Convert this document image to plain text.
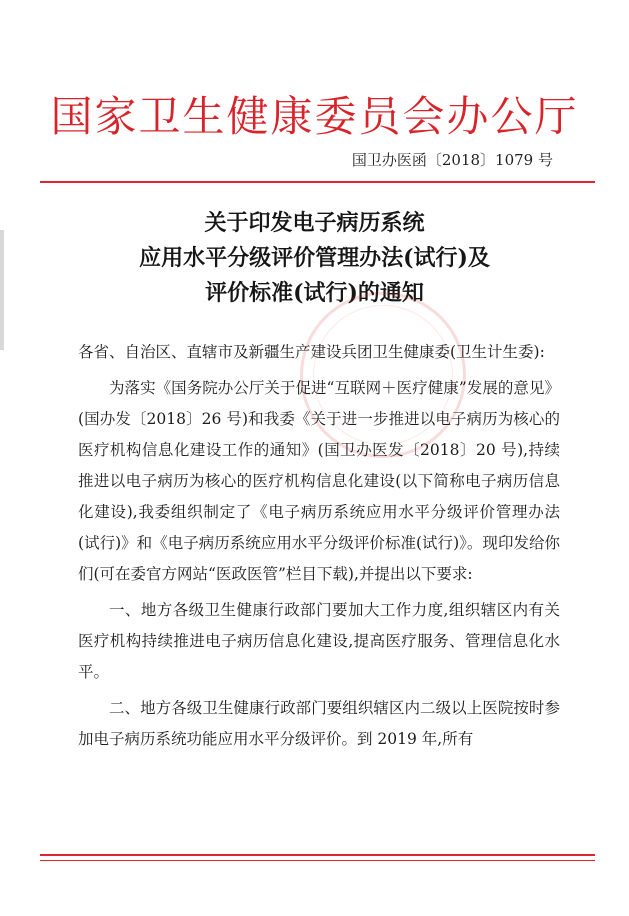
国家卫生健康委员会办公厅
国卫办医函〔2018〕1079 号
关于印发电子病历系统
应用水平分级评价管理办法(试行)及
评价标准(试行)的通知

各省、自治区、直辖市及新疆生产建设兵团卫生健康委(卫生计生委):

为落实《国务院办公厅关于促进“互联网＋医疗健康”发展的意见》(国办发〔2018〕26 号)和我委《关于进一步推进以电子病历为核心的医疗机构信息化建设工作的通知》(国卫办医发〔2018〕20 号),持续推进以电子病历为核心的医疗机构信息化建设(以下简称电子病历信息化建设),我委组织制定了《电子病历系统应用水平分级评价管理办法(试行)》和《电子病历系统应用水平分级评价标准(试行)》。现印发给你们(可在委官方网站“医政医管”栏目下载),并提出以下要求:

一、地方各级卫生健康行政部门要加大工作力度,组织辖区内有关医疗机构持续推进电子病历信息化建设,提高医疗服务、管理信息化水平。

二、地方各级卫生健康行政部门要组织辖区内二级以上医院按时参加电子病历系统功能应用水平分级评价。到 2019 年,所有
